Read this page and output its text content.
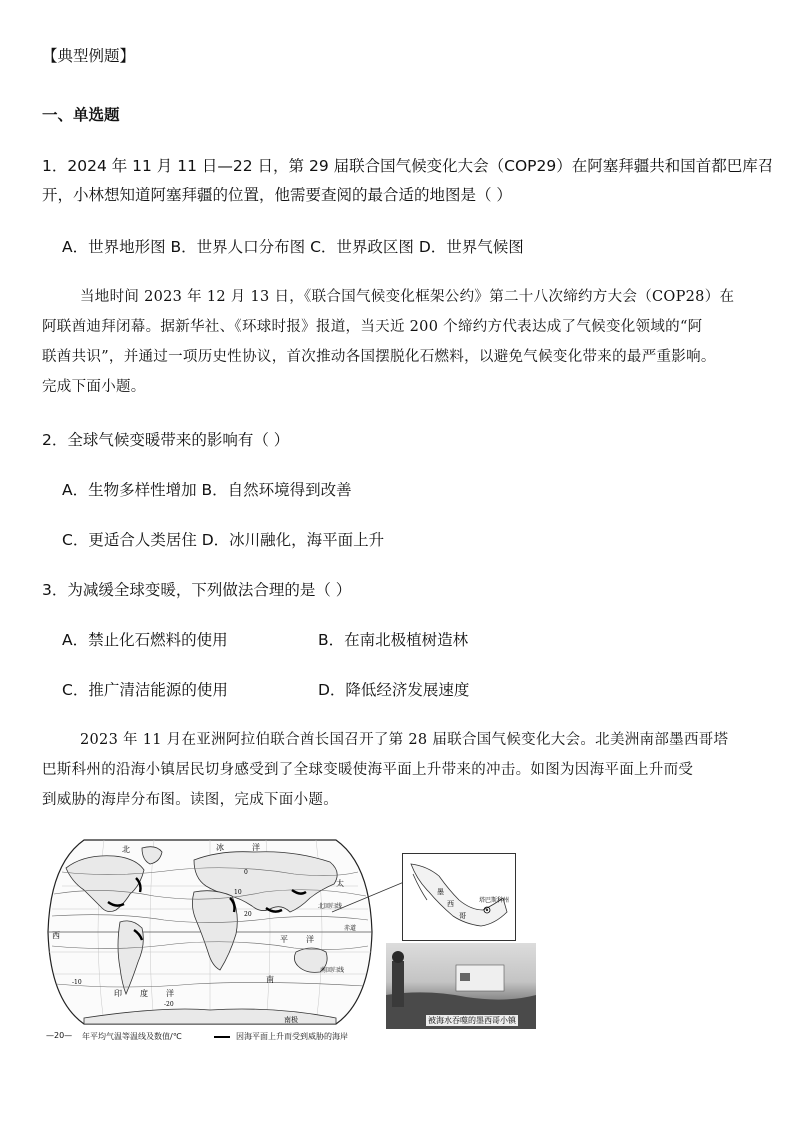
【典型例题】
一、单选题
1．2024 年 11 月 11 日—22 日，第 29 届联合国气候变化大会（COP29）在阿塞拜疆共和国首都巴库召
开，小林想知道阿塞拜疆的位置，他需要查阅的最合适的地图是（ ）
A．世界地形图 B．世界人口分布图 C．世界政区图 D．世界气候图
当地时间 2023 年 12 月 13 日，《联合国气候变化框架公约》第二十八次缔约方大会（COP28）在
阿联酋迪拜闭幕。据新华社、《环球时报》报道，当天近 200 个缔约方代表达成了气候变化领域的“阿
联酋共识”，并通过一项历史性协议，首次推动各国摆脱化石燃料，以避免气候变化带来的最严重影响。
完成下面小题。
2．全球气候变暖带来的影响有（ ）
A．生物多样性增加 B．自然环境得到改善
C．更适合人类居住 D．冰川融化，海平面上升
3．为减缓全球变暖，下列做法合理的是（ ）
A．禁止化石燃料的使用	B．在南北极植树造林
C．推广清洁能源的使用	D．降低经济发展速度
2023 年 11 月在亚洲阿拉伯联合酋长国召开了第 28 届联合国气候变化大会。北美洲南部墨西哥塔
巴斯科州的沿海小镇居民切身感受到了全球变暖使海平面上升带来的冲击。如图为因海平面上升而受
到威胁的海岸分布图。读图，完成下面小题。
北	冰	洋
太
平 洋
西
印 度 洋
南
南极
北回归线
南回归线
赤道
0
10
20
-10
-20
墨
西
哥
塔巴斯科州
被海水吞噬的墨西哥小镇
—20— 年平均气温等温线及数值/℃	因海平面上升而受到威胁的海岸
